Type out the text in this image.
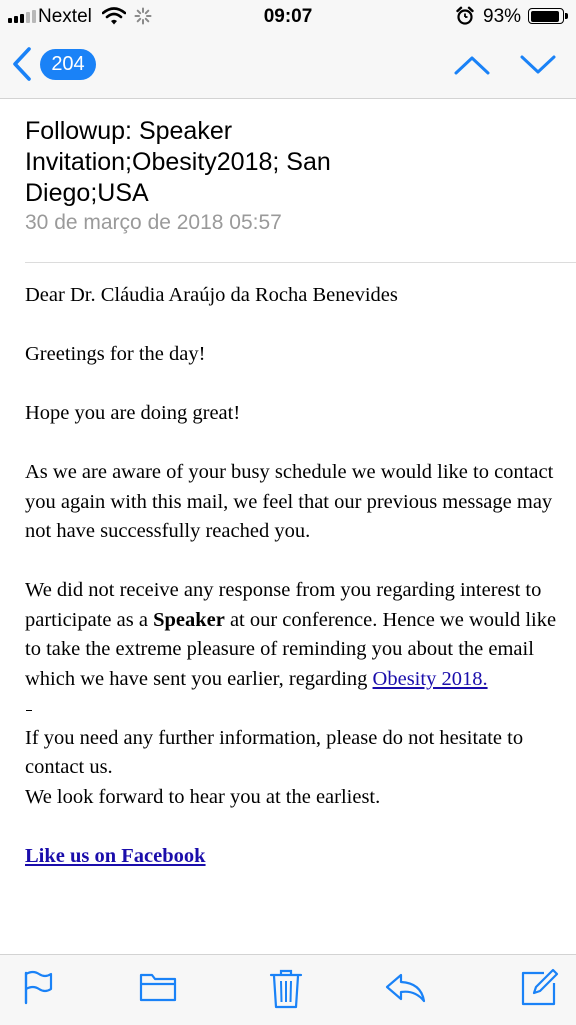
Nextel	09:07	93%
204
Followup: Speaker Invitation;Obesity2018; San Diego;USA
30 de março de 2018 05:57

Dear Dr. Cláudia Araújo da Rocha Benevides

Greetings for the day!

Hope you are doing great!

As we are aware of your busy schedule we would like to contact you again with this mail, we feel that our previous message may not have successfully reached you.

We did not receive any response from you regarding interest to participate as a Speaker at our conference. Hence we would like to take the extreme pleasure of reminding you about the email which we have sent you earlier, regarding Obesity 2018.

If you need any further information, please do not hesitate to contact us.
We look forward to hear you at the earliest.

Like us on Facebook
